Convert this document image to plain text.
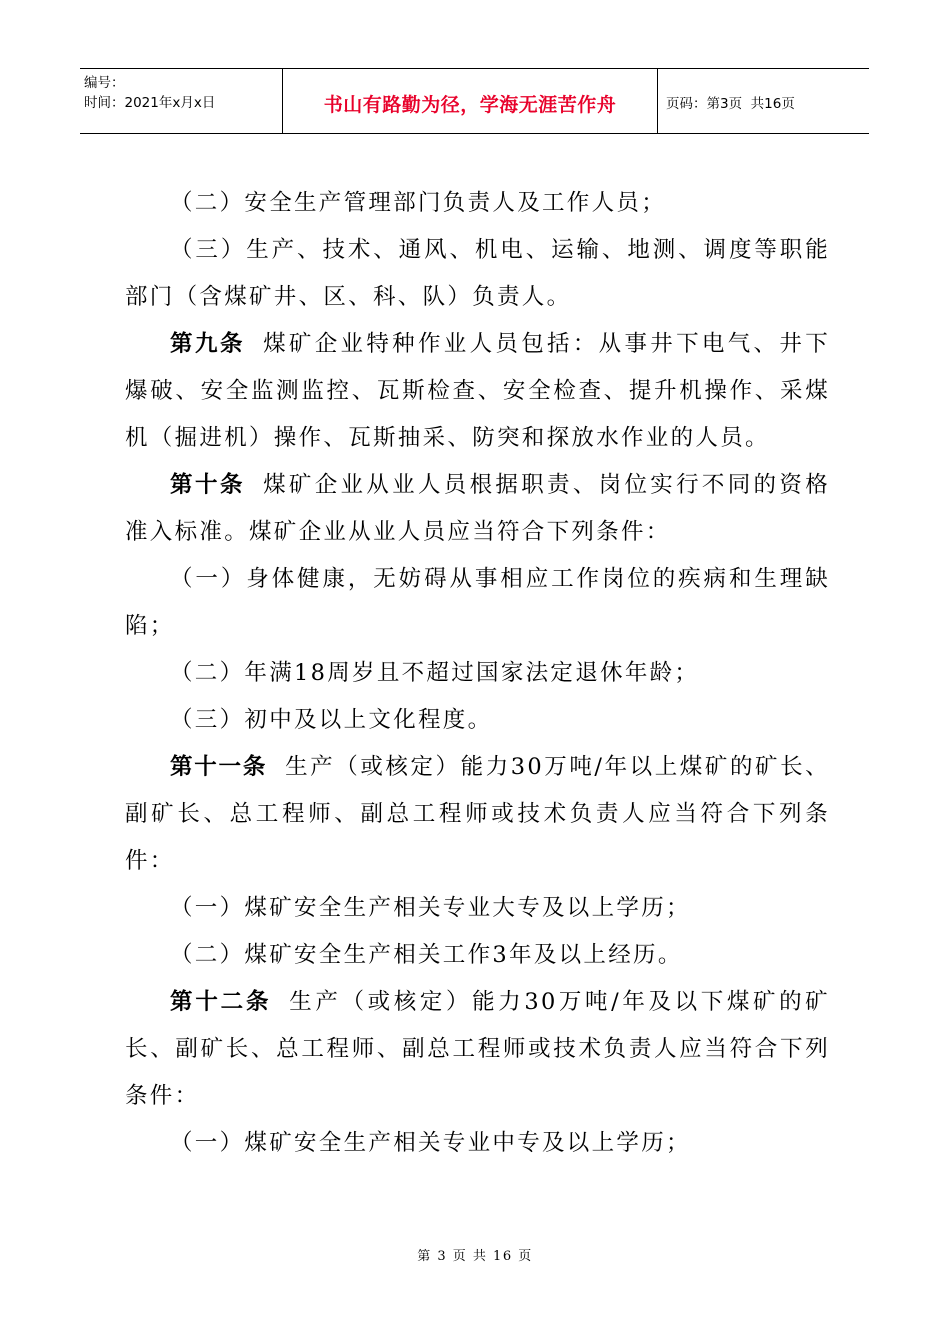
编号：
时间：2021年x月x日	书山有路勤为径，学海无涯苦作舟	页码：第3页  共16页

（二）安全生产管理部门负责人及工作人员；

（三）生产、技术、通风、机电、运输、地测、调度等职能部门（含煤矿井、区、科、队）负责人。

第九条 煤矿企业特种作业人员包括：从事井下电气、井下爆破、安全监测监控、瓦斯检查、安全检查、提升机操作、采煤机（掘进机）操作、瓦斯抽采、防突和探放水作业的人员。

第十条 煤矿企业从业人员根据职责、岗位实行不同的资格准入标准。煤矿企业从业人员应当符合下列条件：

（一）身体健康，无妨碍从事相应工作岗位的疾病和生理缺陷；

（二）年满18周岁且不超过国家法定退休年龄；

（三）初中及以上文化程度。

第十一条 生产（或核定）能力30万吨/年以上煤矿的矿长、副矿长、总工程师、副总工程师或技术负责人应当符合下列条件：

（一）煤矿安全生产相关专业大专及以上学历；

（二）煤矿安全生产相关工作3年及以上经历。

第十二条 生产（或核定）能力30万吨/年及以下煤矿的矿长、副矿长、总工程师、副总工程师或技术负责人应当符合下列条件：

（一）煤矿安全生产相关专业中专及以上学历；

第 3 页 共 16 页
